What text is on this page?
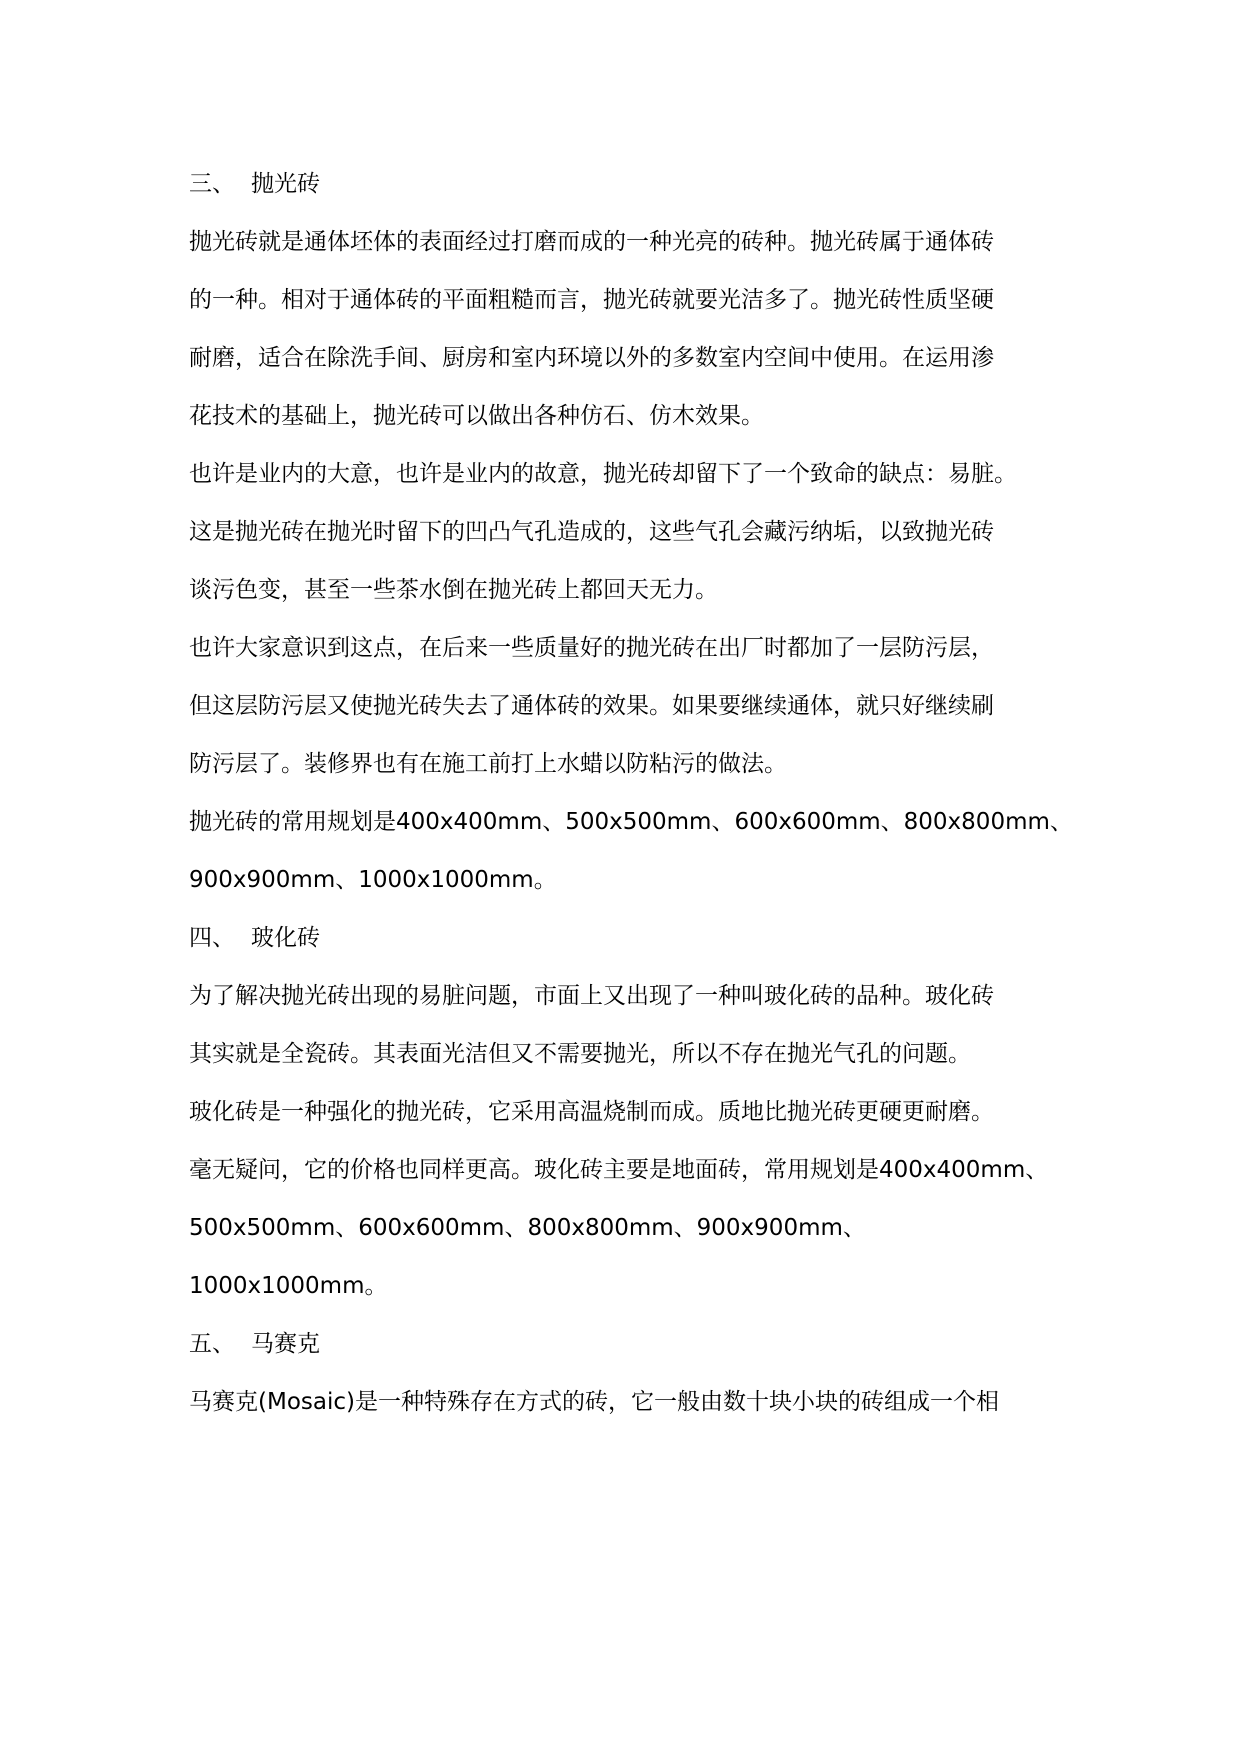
三、 抛光砖
抛光砖就是通体坯体的表面经过打磨而成的一种光亮的砖种。抛光砖属于通体砖
的一种。相对于通体砖的平面粗糙而言，抛光砖就要光洁多了。抛光砖性质坚硬
耐磨，适合在除洗手间、厨房和室内环境以外的多数室内空间中使用。在运用渗
花技术的基础上，抛光砖可以做出各种仿石、仿木效果。
也许是业内的大意，也许是业内的故意，抛光砖却留下了一个致命的缺点：易脏。
这是抛光砖在抛光时留下的凹凸气孔造成的，这些气孔会藏污纳垢，以致抛光砖
谈污色变，甚至一些茶水倒在抛光砖上都回天无力。
也许大家意识到这点，在后来一些质量好的抛光砖在出厂时都加了一层防污层，
但这层防污层又使抛光砖失去了通体砖的效果。如果要继续通体，就只好继续刷
防污层了。装修界也有在施工前打上水蜡以防粘污的做法。
抛光砖的常用规划是400x400mm、500x500mm、600x600mm、800x800mm、
900x900mm、1000x1000mm。
四、 玻化砖
为了解决抛光砖出现的易脏问题，市面上又出现了一种叫玻化砖的品种。玻化砖
其实就是全瓷砖。其表面光洁但又不需要抛光，所以不存在抛光气孔的问题。
玻化砖是一种强化的抛光砖，它采用高温烧制而成。质地比抛光砖更硬更耐磨。
毫无疑问，它的价格也同样更高。玻化砖主要是地面砖，常用规划是400x400mm、
500x500mm、600x600mm、800x800mm、900x900mm、
1000x1000mm。
五、 马赛克
马赛克(Mosaic)是一种特殊存在方式的砖，它一般由数十块小块的砖组成一个相
